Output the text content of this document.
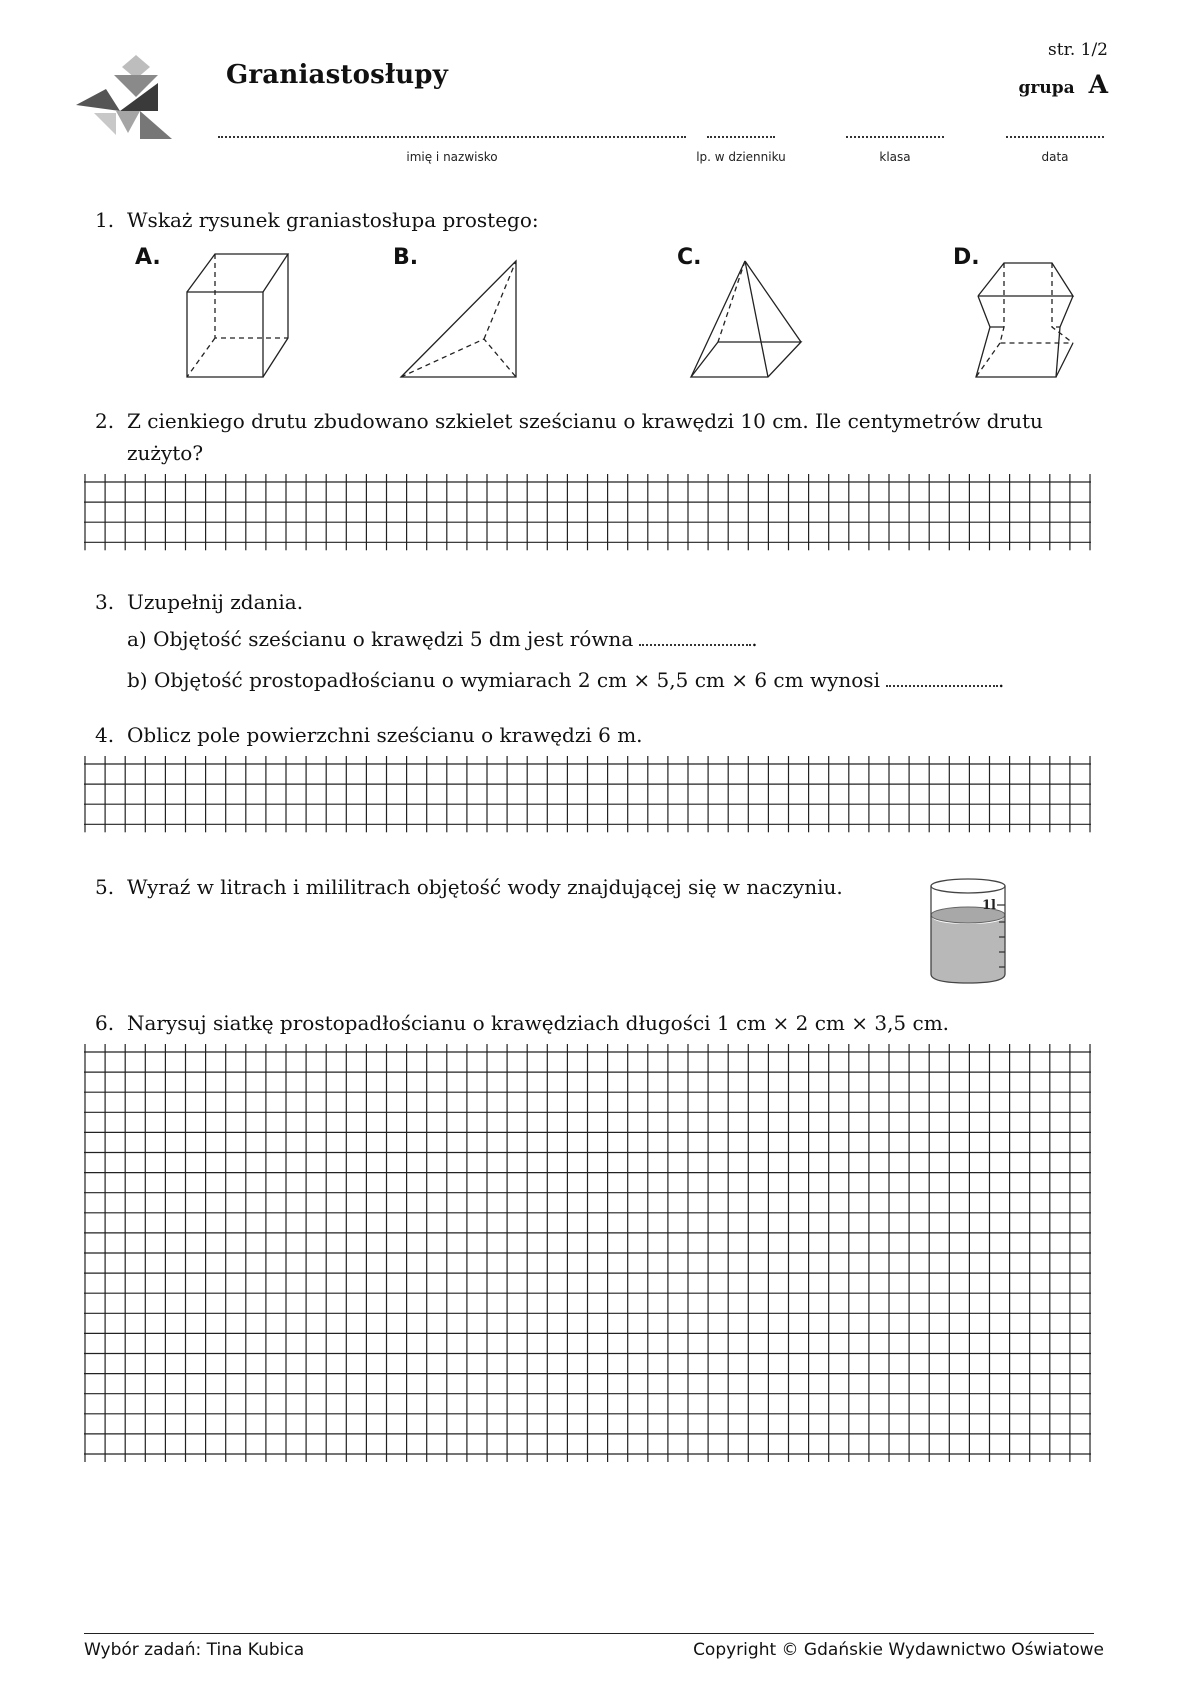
Graniastosłupy
str. 1/2
grupa A
imię i nazwisko	lp. w dzienniku	klasa	data
1. Wskaż rysunek graniastosłupa prostego:
A.	B.	C.	D.
2. Z cienkiego drutu zbudowano szkielet sześcianu o krawędzi 10 cm. Ile centymetrów drutu
zużyto?
3. Uzupełnij zdania.
a) Objętość sześcianu o krawędzi 5 dm jest równa	.
b) Objętość prostopadłościanu o wymiarach 2 cm × 5,5 cm × 6 cm wynosi	.
4. Oblicz pole powierzchni sześcianu o krawędzi 6 m.
5. Wyraź w litrach i mililitrach objętość wody znajdującej się w naczyniu.
1l
6. Narysuj siatkę prostopadłościanu o krawędziach długości 1 cm × 2 cm × 3,5 cm.
Wybór zadań: Tina Kubica	Copyright © Gdańskie Wydawnictwo Oświatowe
